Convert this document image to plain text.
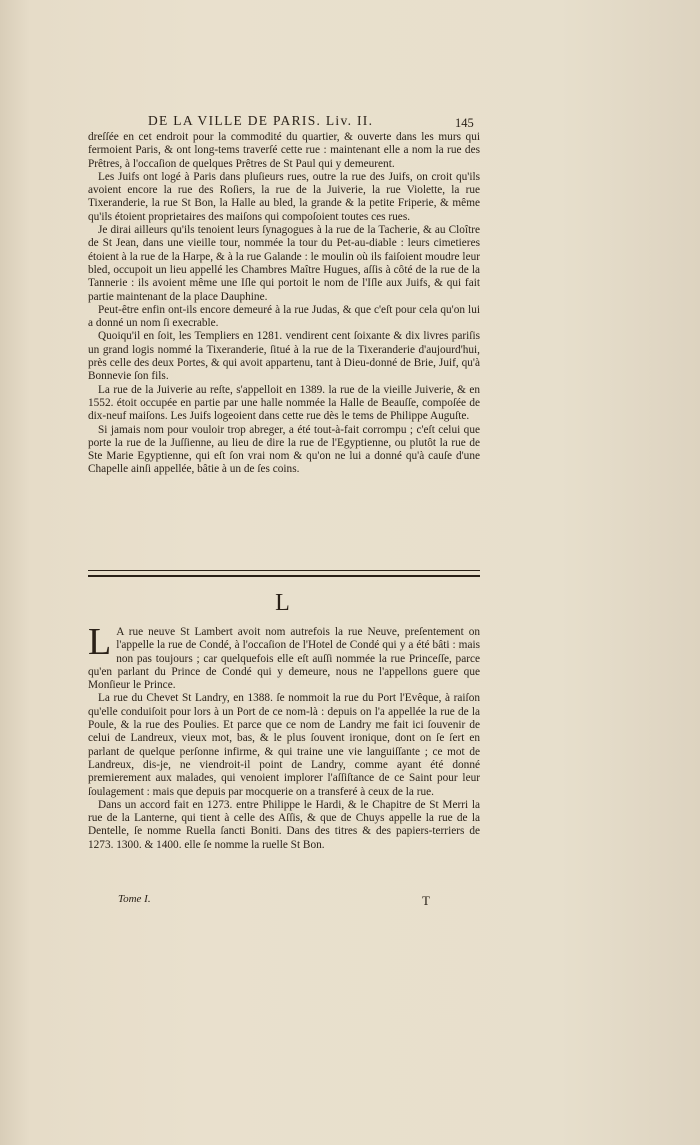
DE LA VILLE DE PARIS. Liv. II.	145

dreſſée en cet endroit pour la commodité du quartier, & ouverte dans les murs qui fermoient Paris, & ont long-tems traverſé cette rue : maintenant elle a nom la rue des Prêtres, à l'occaſion de quelques Prêtres de St Paul qui y demeurent.

Les Juifs ont logé à Paris dans pluſieurs rues, outre la rue des Juifs, on croit qu'ils avoient encore la rue des Roſiers, la rue de la Juiverie, la rue Violette, la rue Tixeranderie, la rue St Bon, la Halle au bled, la grande & la petite Friperie, & même qu'ils étoient proprietaires des maiſons qui compoſoient toutes ces rues.

Je dirai ailleurs qu'ils tenoient leurs ſynagogues à la rue de la Tacherie, & au Cloître de St Jean, dans une vieille tour, nommée la tour du Pet-au-diable : leurs cimetieres étoient à la rue de la Harpe, & à la rue Galande : le moulin où ils faiſoient moudre leur bled, occupoit un lieu appellé les Chambres Maître Hugues, aſſis à côté de la rue de la Tannerie : ils avoient même une Iſle qui portoit le nom de l'Iſle aux Juifs, & qui fait partie maintenant de la place Dauphine.

Peut-être enfin ont-ils encore demeuré à la rue Judas, & que c'eſt pour cela qu'on lui a donné un nom ſi execrable.

Quoiqu'il en ſoit, les Templiers en 1281. vendirent cent ſoixante & dix livres pariſis un grand logis nommé la Tixeranderie, ſitué à la rue de la Tixeranderie d'aujourd'hui, près celle des deux Portes, & qui avoit appartenu, tant à Dieu-donné de Brie, Juif, qu'à Bonnevie ſon fils.

La rue de la Juiverie au reſte, s'appelloit en 1389. la rue de la vieille Juiverie, & en 1552. étoit occupée en partie par une halle nommée la Halle de Beauſſe, compoſée de dix-neuf maiſons. Les Juifs logeoient dans cette rue dès le tems de Philippe Auguſte.

Si jamais nom pour vouloir trop abreger, a été tout-à-fait corrompu ; c'eſt celui que porte la rue de la Juſſienne, au lieu de dire la rue de l'Egyptienne, ou plutôt la rue de Ste Marie Egyptienne, qui eſt ſon vrai nom & qu'on ne lui a donné qu'à cauſe d'une Chapelle ainſi appellée, bâtie à un de ſes coins.

L

L A rue neuve St Lambert avoit nom autrefois la rue Neuve, preſentement on l'appelle la rue de Condé, à l'occaſion de l'Hotel de Condé qui y a été bâti : mais non pas toujours ; car quelquefois elle eſt auſſi nommée la rue Princeſſe, parce qu'en parlant du Prince de Condé qui y demeure, nous ne l'appellons guere que Monſieur le Prince.

La rue du Chevet St Landry, en 1388. ſe nommoit la rue du Port l'Evêque, à raiſon qu'elle conduiſoit pour lors à un Port de ce nom-là : depuis on l'a appellée la rue de la Poule, & la rue des Poulies. Et parce que ce nom de Landry me fait ici ſouvenir de celui de Landreux, vieux mot, bas, & le plus ſouvent ironique, dont on ſe ſert en parlant de quelque perſonne infirme, & qui traine une vie languiſſante ; ce mot de Landreux, dis-je, ne viendroit-il point de Landry, comme ayant été donné premierement aux malades, qui venoient implorer l'aſſiſtance de ce Saint pour leur ſoulagement : mais que depuis par mocquerie on a transferé à ceux de la rue.

Dans un accord fait en 1273. entre Philippe le Hardi, & le Chapitre de St Merri la rue de la Lanterne, qui tient à celle des Aſſis, & que de Chuys appelle la rue de la Dentelle, ſe nomme Ruella ſancti Boniti. Dans des titres & des papiers-terriers de 1273. 1300. & 1400. elle ſe nomme la ruelle St Bon.

Tome I.	T
